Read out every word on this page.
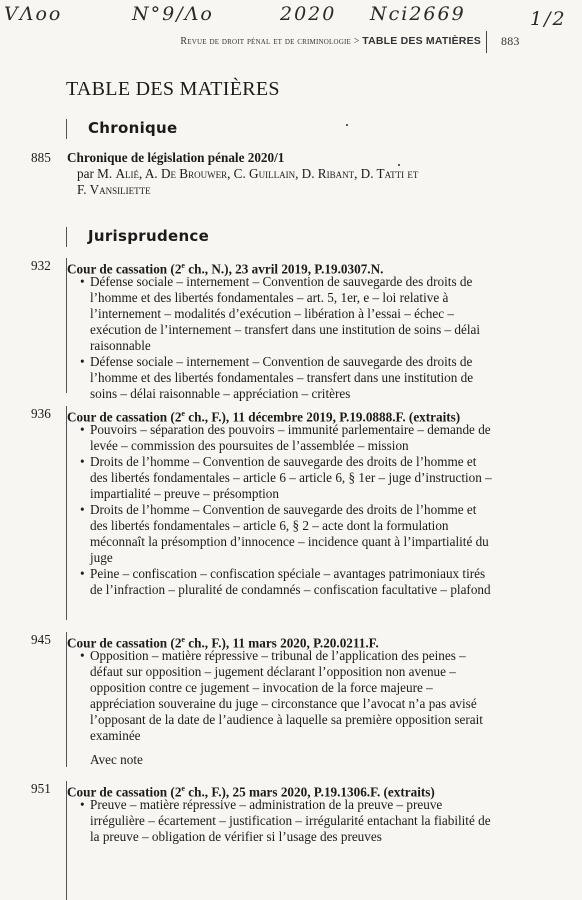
VΛoo	N°9/Λo	2020 Nci2669	1/2
Revue de droit pénal et de criminologie > TABLE DES MATIÈRES 883
TABLE DES MATIÈRES
Chronique
885 Chronique de législation pénale 2020/1
par M. Alié, A. De Brouwer, C. Guillain, D. Ribant, D. Tatti et
F. Vansiliette
Jurisprudence
932 Cour de cassation (2e ch., N.), 23 avril 2019, P.19.0307.N.
• Défense sociale – internement – Convention de sauvegarde des droits de l’homme et des libertés fondamentales – art. 5, 1er, e – loi relative à l’internement – modalités d’exécution – libération à l’essai – échec – exécution de l’internement – transfert dans une institution de soins – délai raisonnable
• Défense sociale – internement – Convention de sauvegarde des droits de l’homme et des libertés fondamentales – transfert dans une institution de soins – délai raisonnable – appréciation – critères
936 Cour de cassation (2e ch., F.), 11 décembre 2019, P.19.0888.F. (extraits)
• Pouvoirs – séparation des pouvoirs – immunité parlementaire – demande de levée – commission des poursuites de l’assemblée – mission
• Droits de l’homme – Convention de sauvegarde des droits de l’homme et des libertés fondamentales – article 6 – article 6, § 1er – juge d’instruction – impartialité – preuve – présomption
• Droits de l’homme – Convention de sauvegarde des droits de l’homme et des libertés fondamentales – article 6, § 2 – acte dont la formulation méconnaît la présomption d’innocence – incidence quant à l’impartialité du juge
• Peine – confiscation – confiscation spéciale – avantages patrimoniaux tirés de l’infraction – pluralité de condamnés – confiscation facultative – plafond
945 Cour de cassation (2e ch., F.), 11 mars 2020, P.20.0211.F.
• Opposition – matière répressive – tribunal de l’application des peines – défaut sur opposition – jugement déclarant l’opposition non avenue – opposition contre ce jugement – invocation de la force majeure – appréciation souveraine du juge – circonstance que l’avocat n’a pas avisé l’opposant de la date de l’audience à laquelle sa première opposition serait examinée
Avec note
951 Cour de cassation (2e ch., F.), 25 mars 2020, P.19.1306.F. (extraits)
• Preuve – matière répressive – administration de la preuve – preuve irrégulière – écartement – justification – irrégularité entachant la fiabilité de la preuve – obligation de vérifier si l’usage des preuves
